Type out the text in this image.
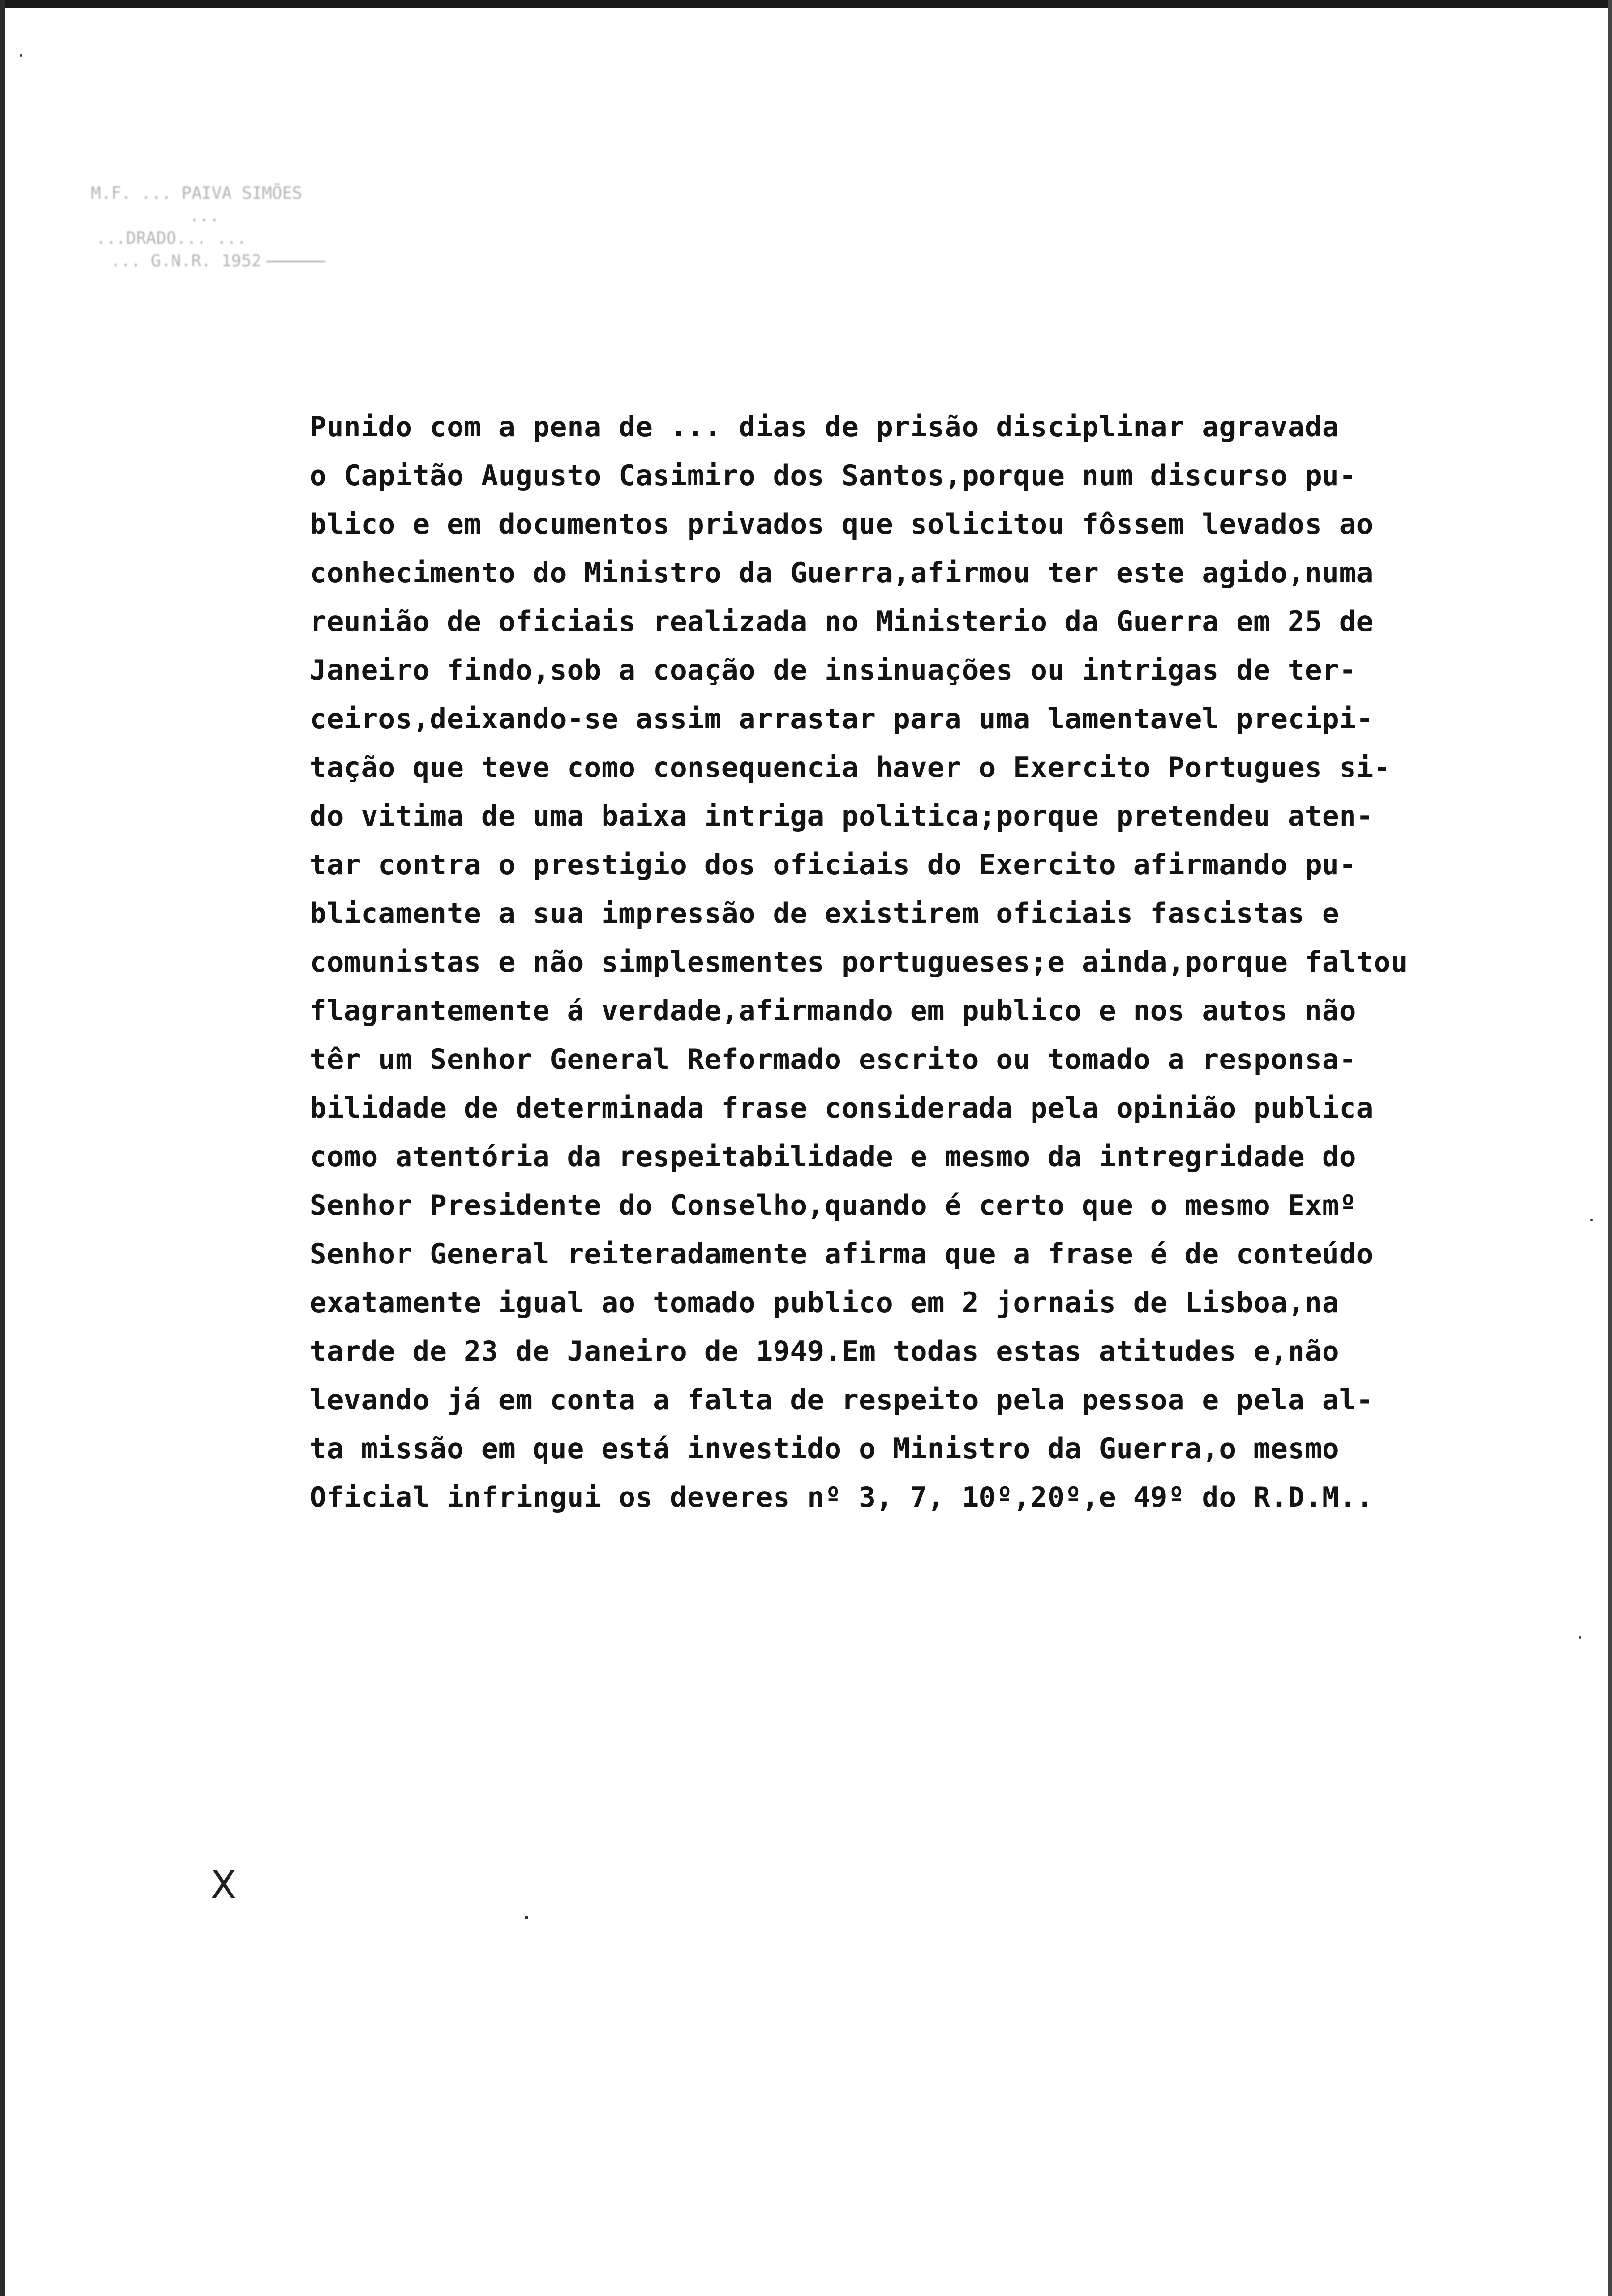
M.F. ... PAIVA SIMÕES
...
...DRADO... ...
... G.N.R. 1952
Punido com a pena de ... dias de prisão disciplinar agravada
o Capitão Augusto Casimiro dos Santos,porque num discurso pu-
blico e em documentos privados que solicitou fôssem levados ao
conhecimento do Ministro da Guerra,afirmou ter este agido,numa
reunião de oficiais realizada no Ministerio da Guerra em 25 de
Janeiro findo,sob a coação de insinuações ou intrigas de ter-
ceiros,deixando-se assim arrastar para uma lamentavel precipi-
tação que teve como consequencia haver o Exercito Portugues si-
do vitima de uma baixa intriga politica;porque pretendeu aten-
tar contra o prestigio dos oficiais do Exercito afirmando pu-
blicamente a sua impressão de existirem oficiais fascistas e
comunistas e não simplesmentes portugueses;e ainda,porque faltou
flagrantemente á verdade,afirmando em publico e nos autos não
têr um Senhor General Reformado escrito ou tomado a responsa-
bilidade de determinada frase considerada pela opinião publica
como atentória da respeitabilidade e mesmo da intregridade do
Senhor Presidente do Conselho,quando é certo que o mesmo Exmº
Senhor General reiteradamente afirma que a frase é de conteúdo
exatamente igual ao tomado publico em 2 jornais de Lisboa,na
tarde de 23 de Janeiro de 1949.Em todas estas atitudes e,não
levando já em conta a falta de respeito pela pessoa e pela al-
ta missão em que está investido o Ministro da Guerra,o mesmo
Oficial infringui os deveres nº 3, 7, 10º,20º,e 49º do R.D.M..
X
